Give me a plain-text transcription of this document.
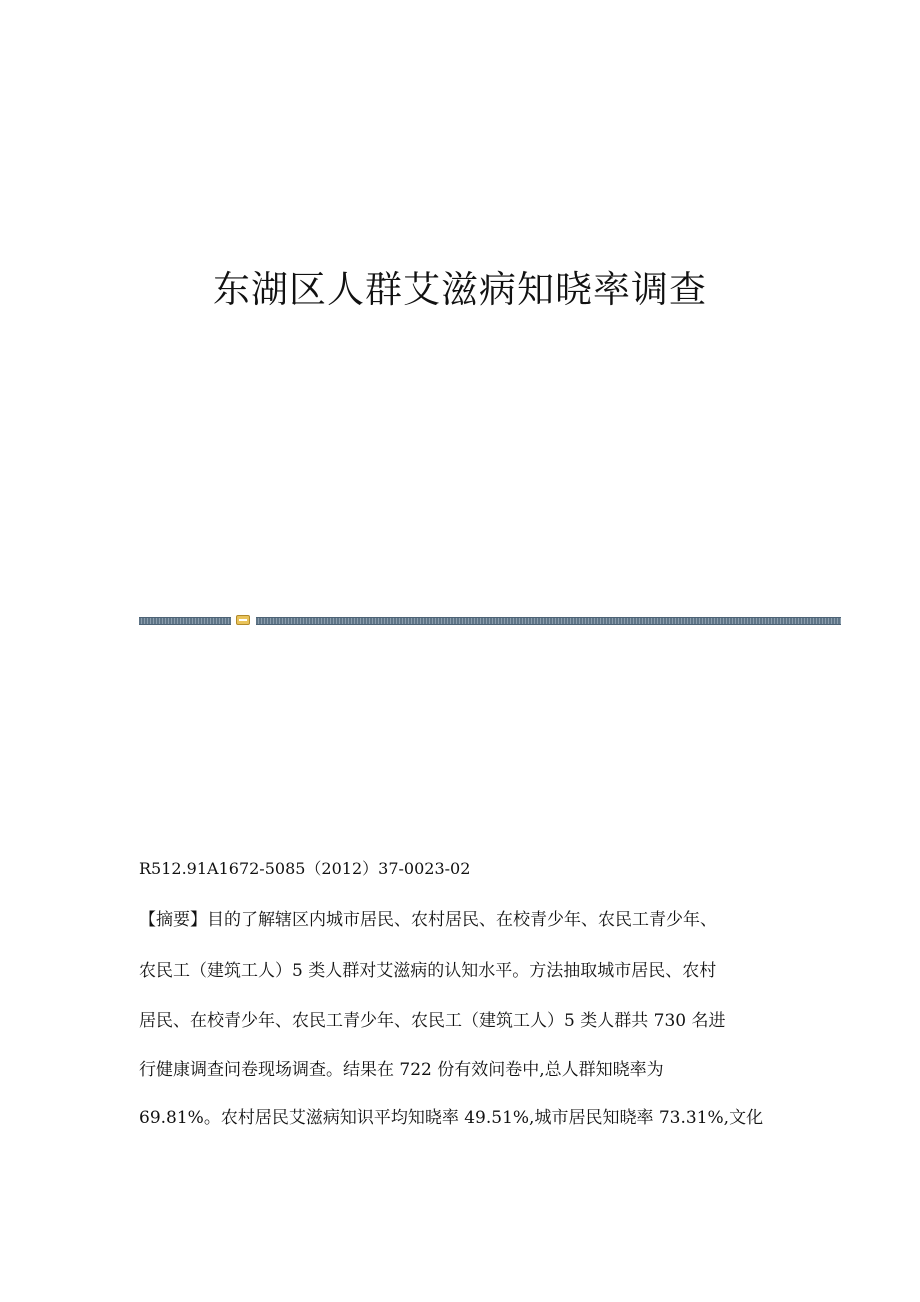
东湖区人群艾滋病知晓率调查

R512.91A1672-5085（2012）37-0023-02

【摘要】目的了解辖区内城市居民、农村居民、在校青少年、农民工青少年、

农民工（建筑工人）5 类人群对艾滋病的认知水平。方法抽取城市居民、农村

居民、在校青少年、农民工青少年、农民工（建筑工人）5 类人群共 730 名进

行健康调查问卷现场调查。结果在 722 份有效问卷中,总人群知晓率为

69.81%。农村居民艾滋病知识平均知晓率 49.51%,城市居民知晓率 73.31%,文化
